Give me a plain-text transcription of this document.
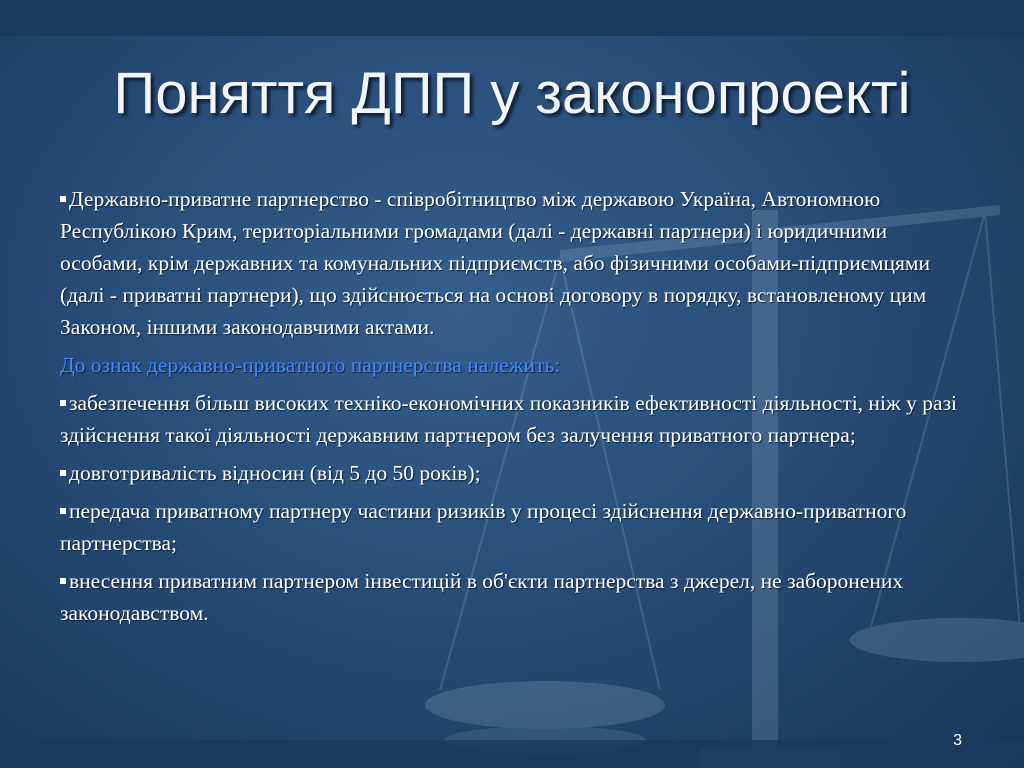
Поняття ДПП у законопроекті

Державно-приватне партнерство - співробітництво між державою Україна, Автономною Республікою Крим, територіальними громадами (далі - державні партнери) і юридичними особами, крім державних та комунальних підприємств, або фізичними особами-підприємцями (далі - приватні партнери), що здійснюється на основі договору в порядку, встановленому цим Законом, іншими законодавчими актами.

До ознак державно-приватного партнерства належить:

забезпечення більш високих техніко-економічних показників ефективності діяльності, ніж у разі здійснення такої діяльності державним партнером без залучення приватного партнера;

довготривалість відносин (від 5 до 50 років);

передача приватному партнеру частини ризиків у процесі здійснення державно-приватного партнерства;

внесення приватним партнером інвестицій в об'єкти партнерства з джерел, не заборонених законодавством.

3
